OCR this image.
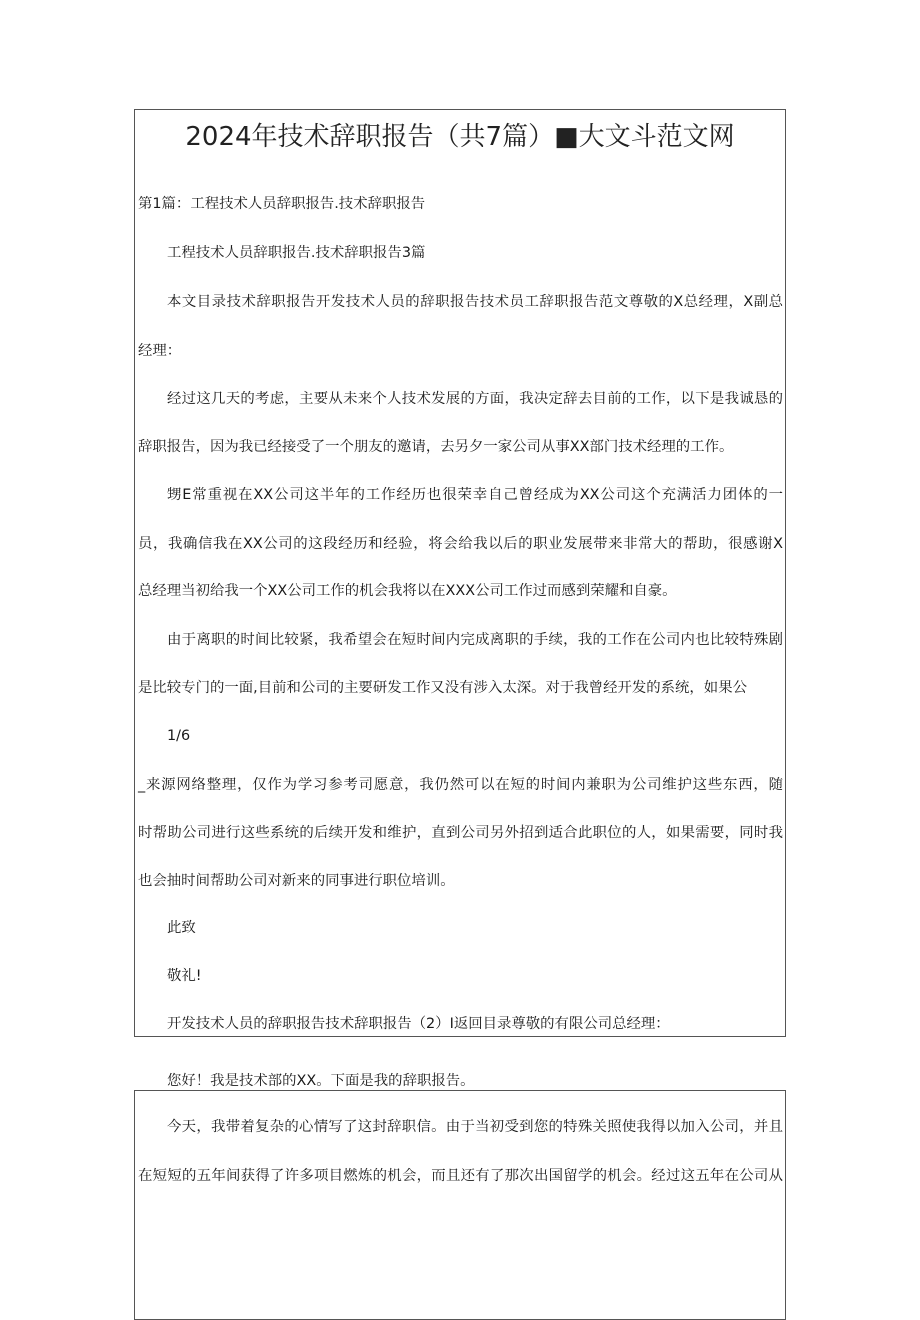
2024年技术辞职报告（共7篇）■大文斗范文网
第1篇：工程技术人员辞职报告.技术辞职报告
工程技术人员辞职报告.技术辞职报告3篇
本文目录技术辞职报告开发技术人员的辞职报告技术员工辞职报告范文尊敬的X总经理，X副总
经理：
经过这几天的考虑，主要从未来个人技术发展的方面，我决定辞去目前的工作，以下是我诚恳的
辞职报告，因为我已经接受了一个朋友的邀请，去另夕一家公司从事XX部门技术经理的工作。
甥E常重视在XX公司这半年的工作经历也很荣幸自己曾经成为XX公司这个充满活力团体的一
员，我确信我在XX公司的这段经历和经验，将会给我以后的职业发展带来非常大的帮助，很感谢X
总经理当初给我一个XX公司工作的机会我将以在XXX公司工作过而感到荣耀和自豪。
由于离职的时间比较紧，我希望会在短时间内完成离职的手续，我的工作在公司内也比较特殊剧
是比较专门的一面,目前和公司的主要研发工作又没有涉入太深。对于我曾经开发的系统，如果公
1/6
_来源网络整理，仅作为学习参考司愿意，我仍然可以在短的时间内兼职为公司维护这些东西，随
时帮助公司进行这些系统的后续开发和维护，直到公司另外招到适合此职位的人，如果需要，同时我
也会抽时间帮助公司对新来的同事进行职位培训。
此致
敬礼!
开发技术人员的辞职报告技术辞职报告（2）I返回目录尊敬的有限公司总经理：
您好！我是技术部的XX。下面是我的辞职报告。
今天，我带着复杂的心情写了这封辞职信。由于当初受到您的特殊关照使我得以加入公司，并且
在短短的五年间获得了许多项目燃炼的机会，而且还有了那次出国留学的机会。经过这五年在公司从
